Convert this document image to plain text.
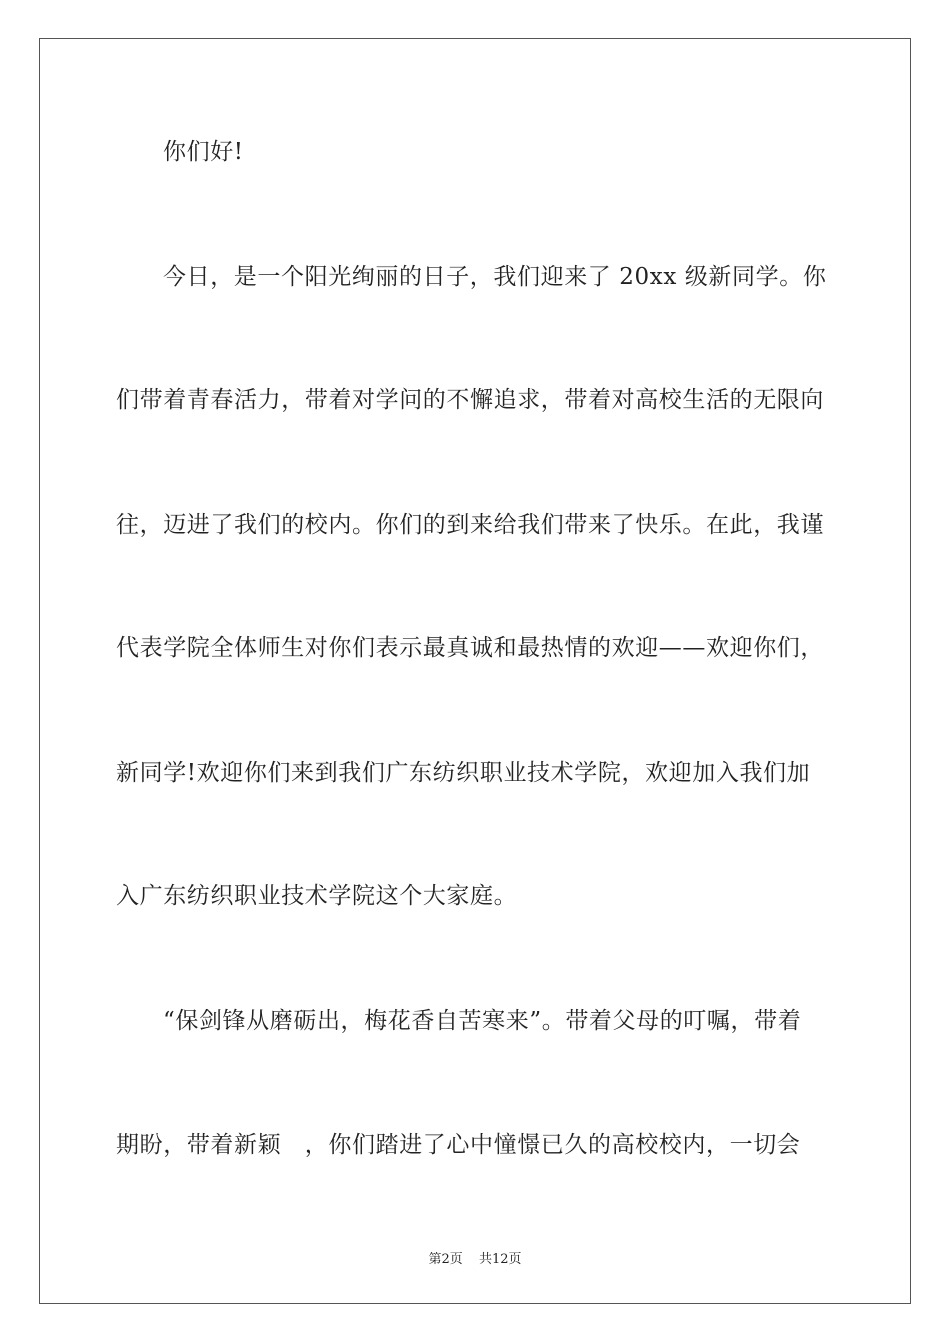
你们好!
今日，是一个阳光绚丽的日子，我们迎来了 20xx 级新同学。你
们带着青春活力，带着对学问的不懈追求，带着对高校生活的无限向
往，迈进了我们的校内。你们的到来给我们带来了快乐。在此，我谨
代表学院全体师生对你们表示最真诚和最热情的欢迎——欢迎你们，
新同学!欢迎你们来到我们广东纺织职业技术学院，欢迎加入我们加
入广东纺织职业技术学院这个大家庭。
“保剑锋从磨砺出，梅花香自苦寒来”。带着父母的叮嘱，带着
期盼，带着新颖　，你们踏进了心中憧憬已久的高校校内，一切会
第2页 共12页
